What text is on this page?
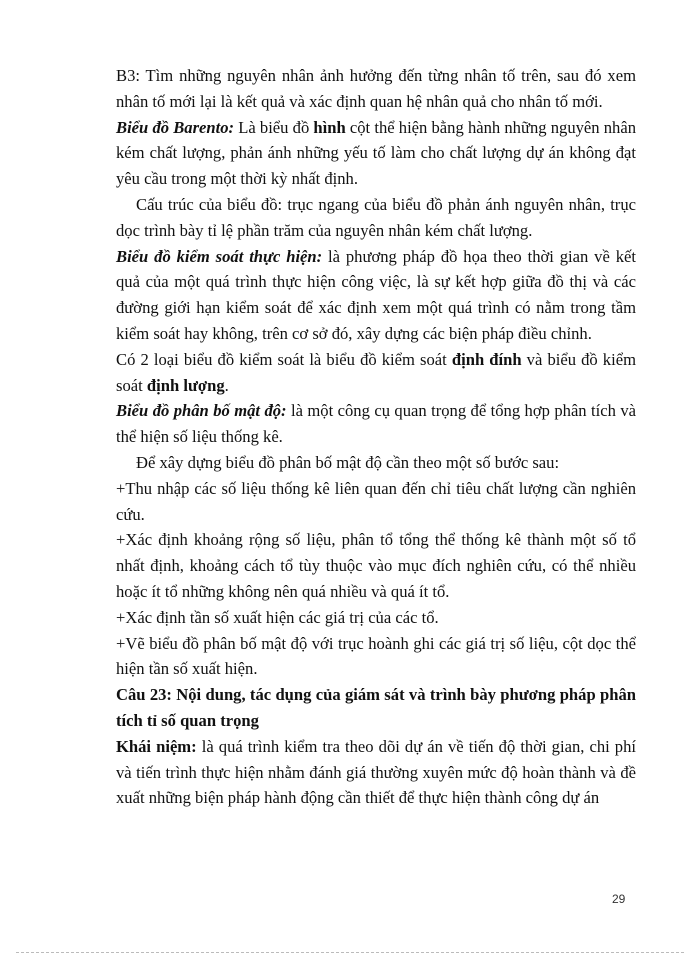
B3: Tìm những nguyên nhân ảnh hưởng đến từng nhân tố trên, sau đó xem nhân tố mới lại là kết quả và xác định quan hệ nhân quả cho nhân tố mới.

Biểu đồ Barento: Là biểu đồ hình cột thể hiện bằng hành những nguyên nhân kém chất lượng, phản ánh những yếu tố làm cho chất lượng dự án không đạt yêu cầu trong một thời kỳ nhất định.

Cấu trúc của biểu đồ: trục ngang của biểu đồ phản ánh nguyên nhân, trục dọc trình bày tỉ lệ phần trăm của nguyên nhân kém chất lượng.

Biểu đồ kiểm soát thực hiện: là phương pháp đồ họa theo thời gian về kết quả của một quá trình thực hiện công việc, là sự kết hợp giữa đồ thị và các đường giới hạn kiểm soát để xác định xem một quá trình có nằm trong tầm kiểm soát hay không, trên cơ sở đó, xây dựng các biện pháp điều chỉnh.

Có 2 loại biểu đồ kiểm soát là biểu đồ kiểm soát định đính và biểu đồ kiểm soát định lượng.

Biểu đồ phân bố mật độ: là một công cụ quan trọng để tổng hợp phân tích và thể hiện số liệu thống kê.

Để xây dựng biểu đồ phân bố mật độ cần theo một số bước sau:

+Thu nhập các số liệu thống kê liên quan đến chỉ tiêu chất lượng cần nghiên cứu.

+Xác định khoảng rộng số liệu, phân tổ tổng thể thống kê thành một số tổ nhất định, khoảng cách tổ tùy thuộc vào mục đích nghiên cứu, có thể nhiều hoặc ít tổ những không nên quá nhiều và quá ít tổ.

+Xác định tần số xuất hiện các giá trị của các tổ.

+Vẽ biểu đồ phân bố mật độ với trục hoành ghi các giá trị số liệu, cột dọc thể hiện tần số xuất hiện.

Câu 23: Nội dung, tác dụng của giám sát và trình bày phương pháp phân tích tỉ số quan trọng

Khái niệm: là quá trình kiểm tra theo dõi dự án về tiến độ thời gian, chi phí và tiến trình thực hiện nhằm đánh giá thường xuyên mức độ hoàn thành và đề xuất những biện pháp hành động cần thiết để thực hiện thành công dự án

29
